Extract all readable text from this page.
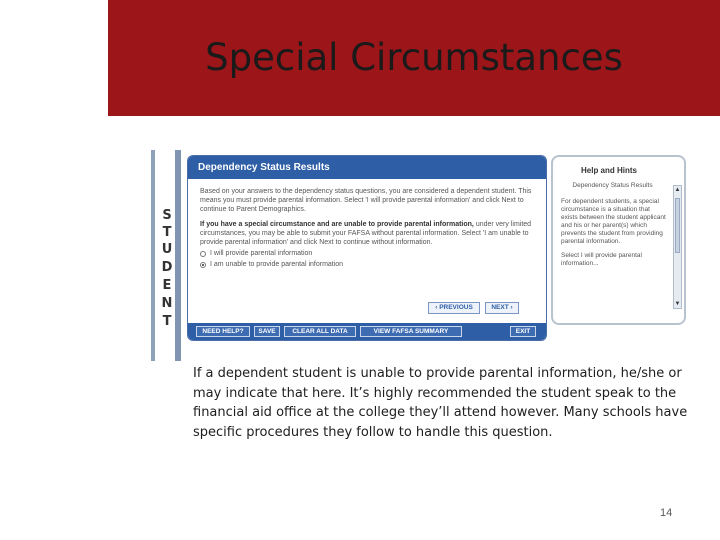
Special Circumstances
S
T
U
D
E
N
T
Dependency Status Results

Based on your answers to the dependency status questions, you are considered a dependent student. This means you must provide parental information. Select 'I will provide parental information' and click Next to continue to Parent Demographics.

If you have a special circumstance and are unable to provide parental information, under very limited circumstances, you may be able to submit your FAFSA without parental information. Select 'I am unable to provide parental information' and click Next to continue without information.

I will provide parental information
I am unable to provide parental information
‹ PREVIOUS	NEXT ›
NEED HELP?	SAVE	CLEAR ALL DATA	VIEW FAFSA SUMMARY	EXIT
Help and Hints
Dependency Status Results
For dependent students, a special circumstance is a situation that exists between the student applicant and his or her parent(s) which prevents the student from providing parental information.
Select I will provide parental information...
▲
▼
If a dependent student is unable to provide parental information, he/she or may indicate that here. It’s highly recommended the student speak to the financial aid office at the college they’ll attend however. Many schools have specific procedures they follow to handle this question.
14
